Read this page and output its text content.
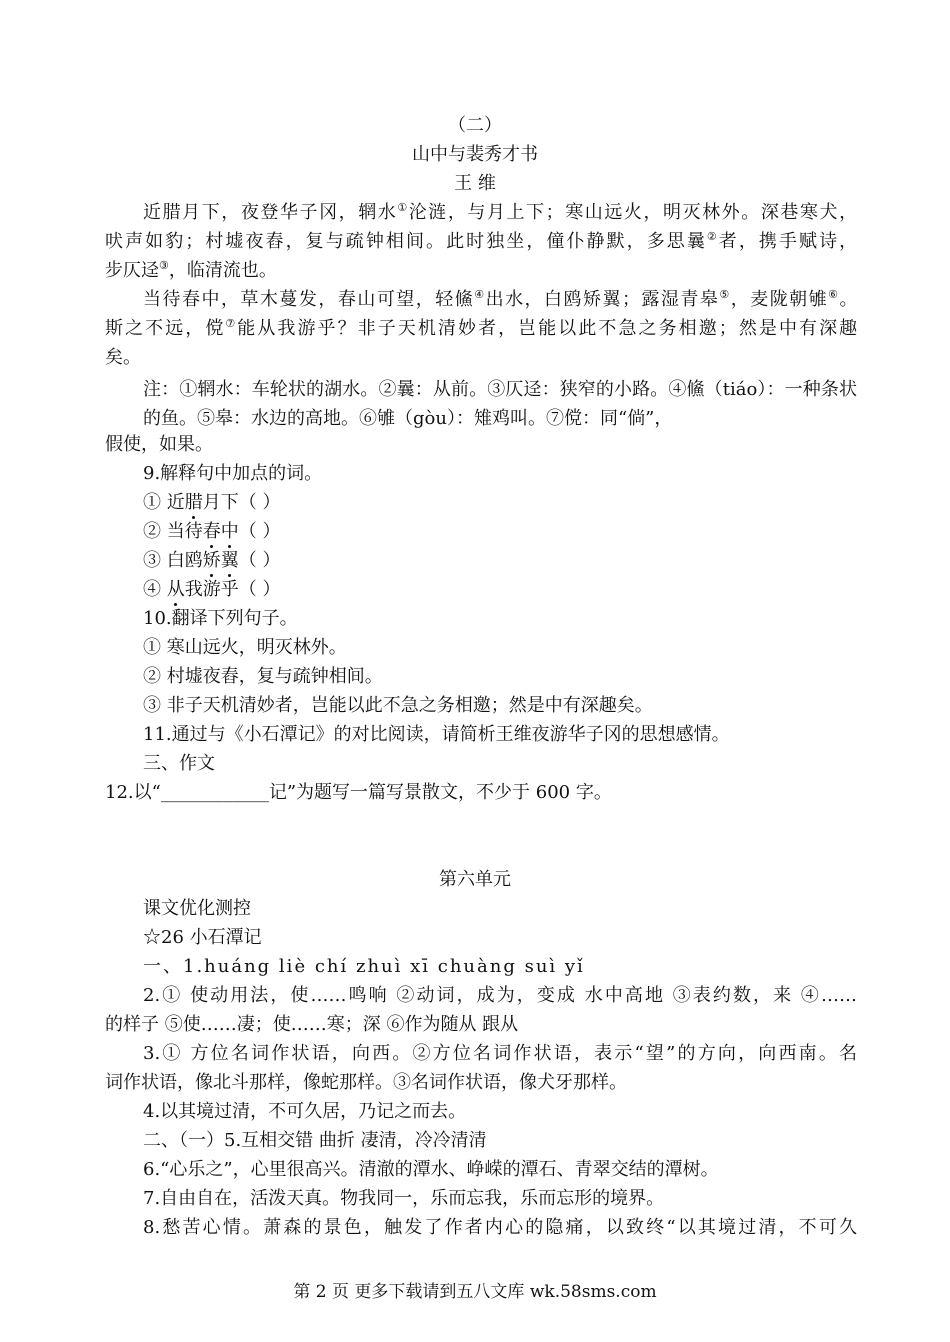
（二）
山中与裴秀才书
王 维
近腊月下，夜登华子冈，辋水①沦涟，与月上下；寒山远火，明灭林外。深巷寒犬，
吠声如豹；村墟夜舂，复与疏钟相间。此时独坐，僮仆静默，多思曩②者，携手赋诗，
步仄迳③，临清流也。
当待春中，草木蔓发，春山可望，轻鯈④出水，白鸥矫翼；露湿青皋⑤，麦陇朝雊⑥。
斯之不远，傥⑦能从我游乎？非子天机清妙者，岂能以此不急之务相邀；然是中有深趣
矣。
注：①辋水：车轮状的湖水。②曩：从前。③仄迳：狭窄的小路。④鯈（tiáo）：一种条状的鱼。⑤皋：水边的高地。⑥雊（gòu）：雉鸡叫。⑦傥：同“倘”，
假使，如果。
9.解释句中加点的词。
① 近腊月下（ ）
② 当待春中（ ）
③ 白鸥矫翼（ ）
④ 从我游乎（ ）
10.翻译下列句子。
① 寒山远火，明灭林外。
② 村墟夜舂，复与疏钟相间。
③ 非子天机清妙者，岂能以此不急之务相邀；然是中有深趣矣。
11.通过与《小石潭记》的对比阅读，请简析王维夜游华子冈的思想感情。
三、作文
12.以“____________记”为题写一篇写景散文，不少于 600 字。
第六单元
课文优化测控
☆26 小石潭记
一、1.huáng liè chí zhuì xī chuàng suì yǐ
2.① 使动用法，使……鸣响 ②动词，成为，变成 水中高地 ③表约数，来 ④……
的样子 ⑤使……凄；使……寒；深 ⑥作为随从 跟从
3.① 方位名词作状语，向西。②方位名词作状语，表示“望”的方向，向西南。名
词作状语，像北斗那样，像蛇那样。③名词作状语，像犬牙那样。
4.以其境过清，不可久居，乃记之而去。
二、（一）5.互相交错 曲折 凄清，冷冷清清
6.“心乐之”，心里很高兴。清澈的潭水、峥嵘的潭石、青翠交结的潭树。
7.自由自在，活泼天真。物我同一，乐而忘我，乐而忘形的境界。
8.愁苦心情。萧森的景色，触发了作者内心的隐痛，以致终“以其境过清，不可久
第 2 页 更多下载请到五八文库 wk.58sms.com
